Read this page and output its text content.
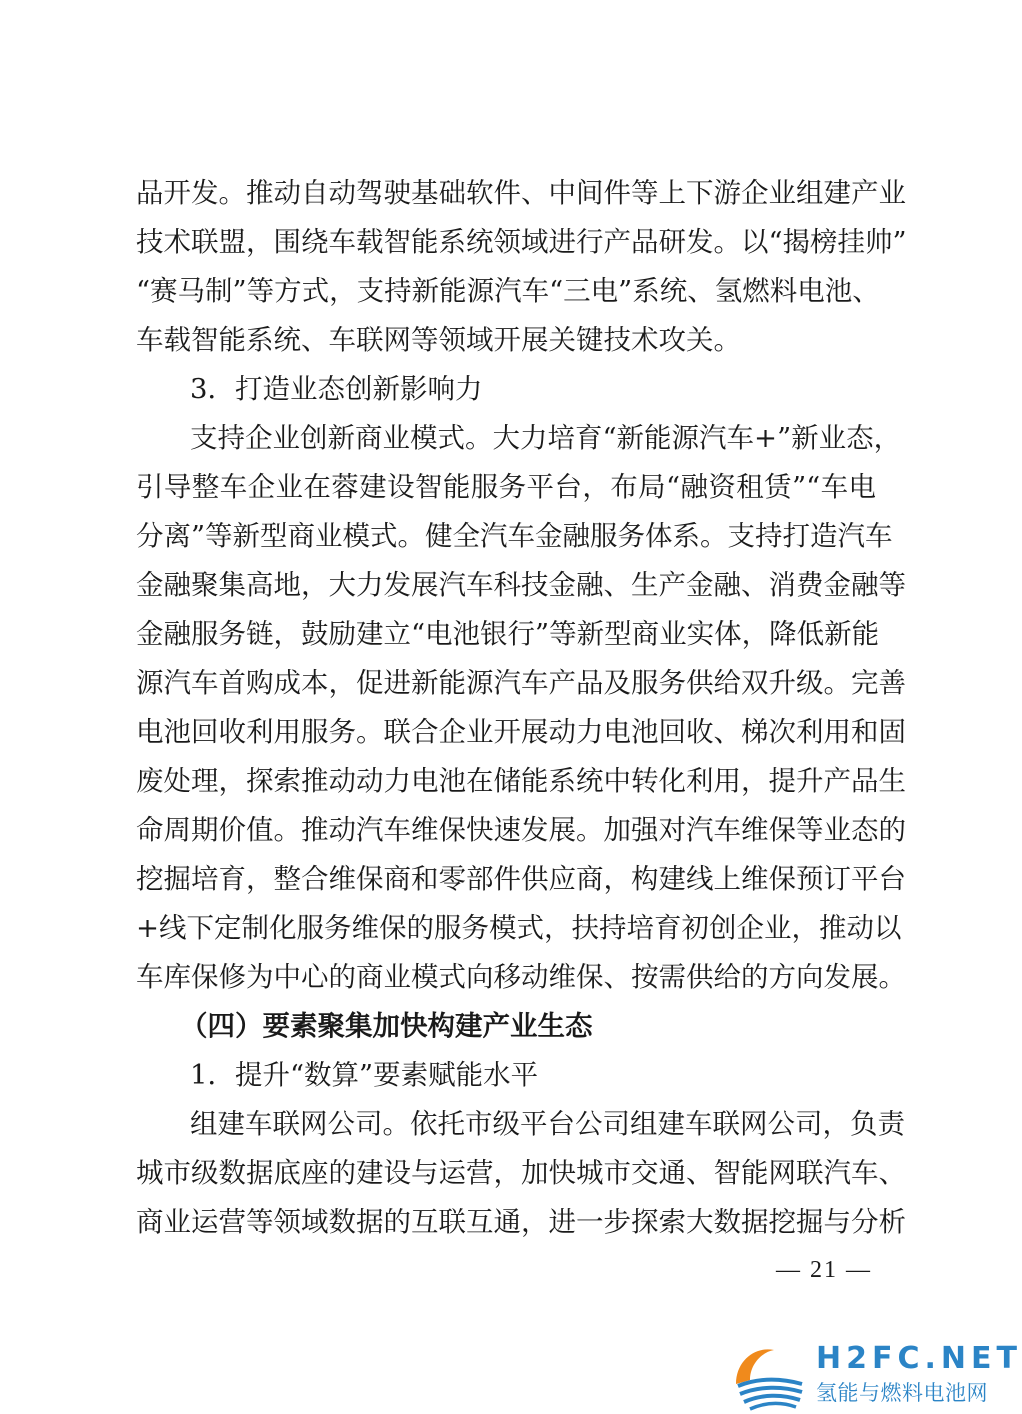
品开发。推动自动驾驶基础软件、中间件等上下游企业组建产业
技术联盟，围绕车载智能系统领域进行产品研发。以“揭榜挂帅”
“赛马制”等方式，支持新能源汽车“三电”系统、氢燃料电池、
车载智能系统、车联网等领域开展关键技术攻关。
3．打造业态创新影响力
支持企业创新商业模式。大力培育“新能源汽车+”新业态，
引导整车企业在蓉建设智能服务平台，布局“融资租赁”“车电
分离”等新型商业模式。健全汽车金融服务体系。支持打造汽车
金融聚集高地，大力发展汽车科技金融、生产金融、消费金融等
金融服务链，鼓励建立“电池银行”等新型商业实体，降低新能
源汽车首购成本，促进新能源汽车产品及服务供给双升级。完善
电池回收利用服务。联合企业开展动力电池回收、梯次利用和固
废处理，探索推动动力电池在储能系统中转化利用，提升产品生
命周期价值。推动汽车维保快速发展。加强对汽车维保等业态的
挖掘培育，整合维保商和零部件供应商，构建线上维保预订平台
+线下定制化服务维保的服务模式，扶持培育初创企业，推动以
车库保修为中心的商业模式向移动维保、按需供给的方向发展。
（四）要素聚集加快构建产业生态
1．提升“数算”要素赋能水平
组建车联网公司。依托市级平台公司组建车联网公司，负责
城市级数据底座的建设与运营，加快城市交通、智能网联汽车、
商业运营等领域数据的互联互通，进一步探索大数据挖掘与分析
— 21 —
H2FC.NET
氢能与燃料电池网
